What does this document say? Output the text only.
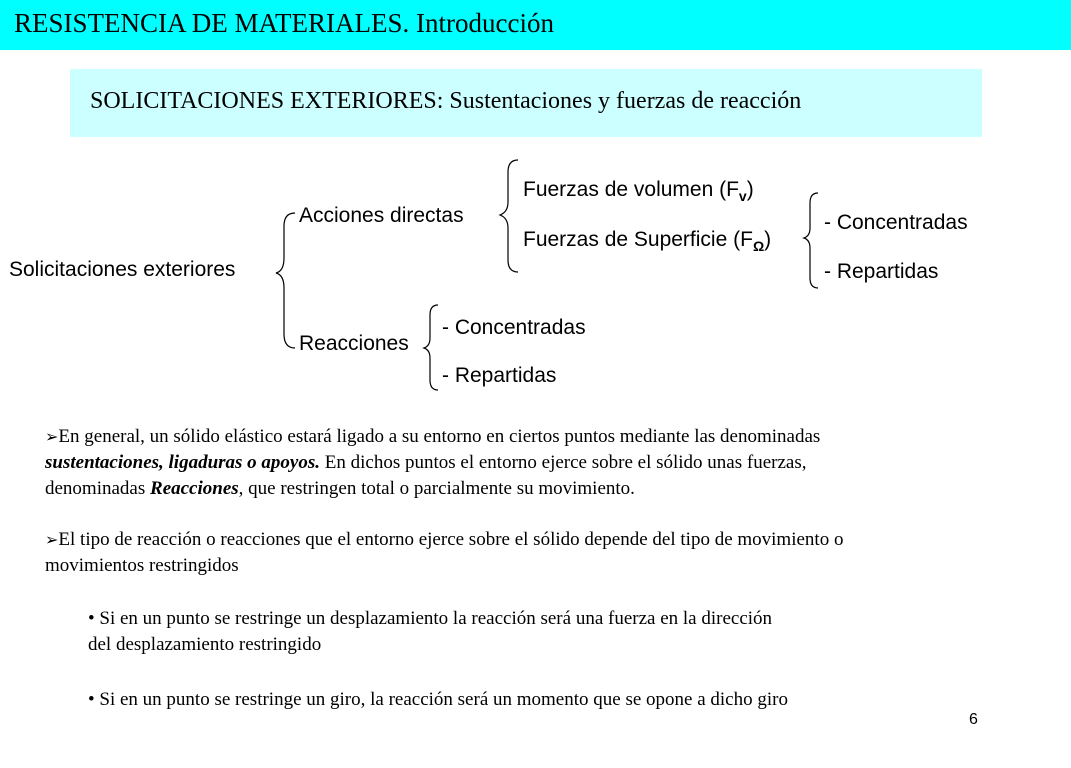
RESISTENCIA DE MATERIALES. Introducción
SOLICITACIONES EXTERIORES: Sustentaciones y fuerzas de reacción
Solicitaciones exteriores
Acciones directas
Fuerzas de volumen $(F_v)$
Fuerzas de Superficie $(F_\Omega)$
- Concentradas
- Repartidas
Reacciones
- Concentradas
- Repartidas
➢En general, un sólido elástico estará ligado a su entorno en ciertos puntos mediante las denominadas
sustentaciones, ligaduras o apoyos. En dichos puntos el entorno ejerce sobre el sólido unas fuerzas,
denominadas Reacciones, que restringen total o parcialmente su movimiento.
➢El tipo de reacción o reacciones que el entorno ejerce sobre el sólido depende del tipo de movimiento o
movimientos restringidos
• Si en un punto se restringe un desplazamiento la reacción será una fuerza en la dirección
del desplazamiento restringido
• Si en un punto se restringe un giro, la reacción será un momento que se opone a dicho giro
6
